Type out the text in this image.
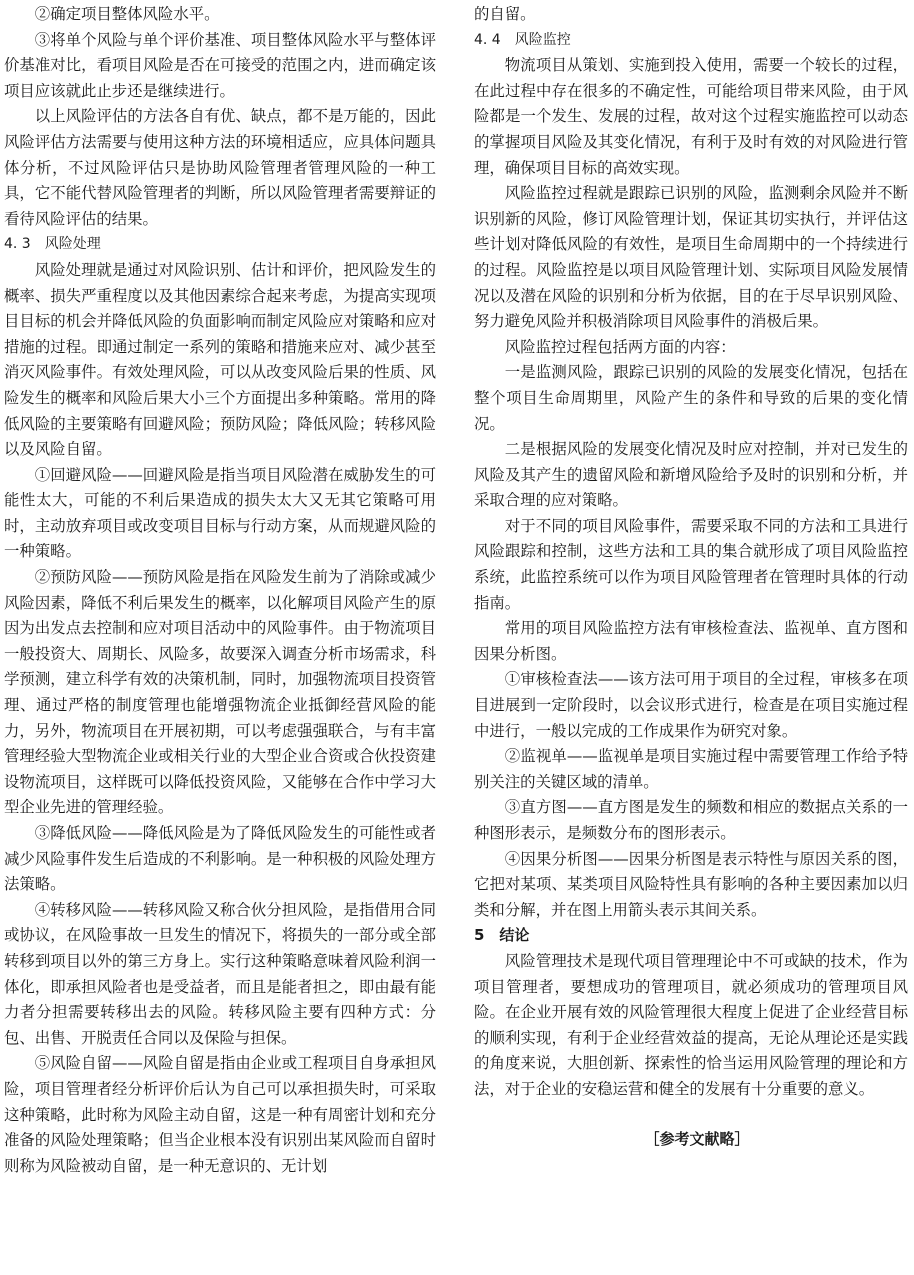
②确定项目整体风险水平。

③将单个风险与单个评价基准、项目整体风险水平与整体评价基准对比，看项目风险是否在可接受的范围之内，进而确定该项目应该就此止步还是继续进行。

以上风险评估的方法各自有优、缺点，都不是万能的，因此风险评估方法需要与使用这种方法的环境相适应，应具体问题具体分析，不过风险评估只是协助风险管理者管理风险的一种工具，它不能代替风险管理者的判断，所以风险管理者需要辩证的看待风险评估的结果。

4. 3　风险处理

风险处理就是通过对风险识别、估计和评价，把风险发生的概率、损失严重程度以及其他因素综合起来考虑，为提高实现项目目标的机会并降低风险的负面影响而制定风险应对策略和应对措施的过程。即通过制定一系列的策略和措施来应对、减少甚至消灭风险事件。有效处理风险，可以从改变风险后果的性质、风险发生的概率和风险后果大小三个方面提出多种策略。常用的降低风险的主要策略有回避风险；预防风险；降低风险；转移风险以及风险自留。

①回避风险——回避风险是指当项目风险潜在威胁发生的可能性太大，可能的不利后果造成的损失太大又无其它策略可用时，主动放弃项目或改变项目目标与行动方案，从而规避风险的一种策略。

②预防风险——预防风险是指在风险发生前为了消除或减少风险因素，降低不利后果发生的概率，以化解项目风险产生的原因为出发点去控制和应对项目活动中的风险事件。由于物流项目一般投资大、周期长、风险多，故要深入调查分析市场需求，科学预测，建立科学有效的决策机制，同时，加强物流项目投资管理、通过严格的制度管理也能增强物流企业抵御经营风险的能力，另外，物流项目在开展初期，可以考虑强强联合，与有丰富管理经验大型物流企业或相关行业的大型企业合资或合伙投资建设物流项目，这样既可以降低投资风险，又能够在合作中学习大型企业先进的管理经验。

③降低风险——降低风险是为了降低风险发生的可能性或者减少风险事件发生后造成的不利影响。是一种积极的风险处理方法策略。

④转移风险——转移风险又称合伙分担风险，是指借用合同或协议，在风险事故一旦发生的情况下，将损失的一部分或全部转移到项目以外的第三方身上。实行这种策略意味着风险利润一体化，即承担风险者也是受益者，而且是能者担之，即由最有能力者分担需要转移出去的风险。转移风险主要有四种方式：分包、出售、开脱责任合同以及保险与担保。

⑤风险自留——风险自留是指由企业或工程项目自身承担风险，项目管理者经分析评价后认为自己可以承担损失时，可采取这种策略，此时称为风险主动自留，这是一种有周密计划和充分准备的风险处理策略；但当企业根本没有识别出某风险而自留时则称为风险被动自留，是一种无意识的、无计划

的自留。

4. 4　风险监控

物流项目从策划、实施到投入使用，需要一个较长的过程，在此过程中存在很多的不确定性，可能给项目带来风险，由于风险都是一个发生、发展的过程，故对这个过程实施监控可以动态的掌握项目风险及其变化情况，有利于及时有效的对风险进行管理，确保项目目标的高效实现。

风险监控过程就是跟踪已识别的风险，监测剩余风险并不断识别新的风险，修订风险管理计划，保证其切实执行，并评估这些计划对降低风险的有效性，是项目生命周期中的一个持续进行的过程。风险监控是以项目风险管理计划、实际项目风险发展情况以及潜在风险的识别和分析为依据，目的在于尽早识别风险、努力避免风险并积极消除项目风险事件的消极后果。

风险监控过程包括两方面的内容：

一是监测风险，跟踪已识别的风险的发展变化情况，包括在整个项目生命周期里，风险产生的条件和导致的后果的变化情况。

二是根据风险的发展变化情况及时应对控制，并对已发生的风险及其产生的遗留风险和新增风险给予及时的识别和分析，并采取合理的应对策略。

对于不同的项目风险事件，需要采取不同的方法和工具进行风险跟踪和控制，这些方法和工具的集合就形成了项目风险监控系统，此监控系统可以作为项目风险管理者在管理时具体的行动指南。

常用的项目风险监控方法有审核检查法、监视单、直方图和因果分析图。

①审核检查法——该方法可用于项目的全过程，审核多在项目进展到一定阶段时，以会议形式进行，检查是在项目实施过程中进行，一般以完成的工作成果作为研究对象。

②监视单——监视单是项目实施过程中需要管理工作给予特别关注的关键区域的清单。

③直方图——直方图是发生的频数和相应的数据点关系的一种图形表示，是频数分布的图形表示。

④因果分析图——因果分析图是表示特性与原因关系的图，它把对某项、某类项目风险特性具有影响的各种主要因素加以归类和分解，并在图上用箭头表示其间关系。

5　结论

风险管理技术是现代项目管理理论中不可或缺的技术，作为项目管理者，要想成功的管理项目，就必须成功的管理项目风险。在企业开展有效的风险管理很大程度上促进了企业经营目标的顺利实现，有利于企业经营效益的提高，无论从理论还是实践的角度来说，大胆创新、探索性的恰当运用风险管理的理论和方法，对于企业的安稳运营和健全的发展有十分重要的意义。

［参考文献略］
